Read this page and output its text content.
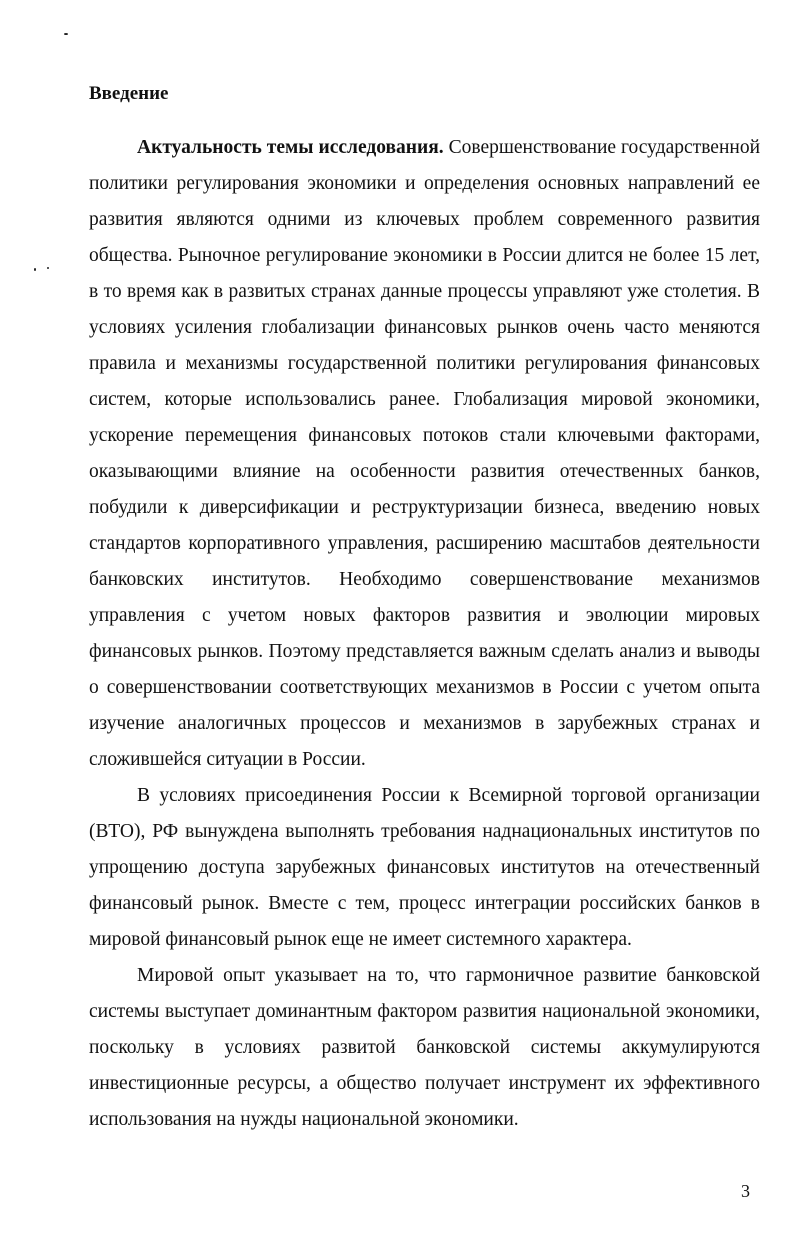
Введение

Актуальность темы исследования. Совершенствование государственной политики регулирования экономики и определения основных направлений ее развития являются одними из ключевых проблем современного развития общества. Рыночное регулирование экономики в России длится не более 15 лет, в то время как в развитых странах данные процессы управляют уже столетия. В условиях усиления глобализации финансовых рынков очень часто меняются правила и механизмы государственной политики регулирования финансовых систем, которые использовались ранее. Глобализация мировой экономики, ускорение перемещения финансовых потоков стали ключевыми факторами, оказывающими влияние на особенности развития отечественных банков, побудили к диверсификации и реструктуризации бизнеса, введению новых стандартов корпоративного управления, расширению масштабов деятельности банковских институтов. Необходимо совершенствование механизмов управления с учетом новых факторов развития и эволюции мировых финансовых рынков. Поэтому представляется важным сделать анализ и выводы о совершенствовании соответствующих механизмов в России с учетом опыта изучение аналогичных процессов и механизмов в зарубежных странах и сложившейся ситуации в России.

В условиях присоединения России к Всемирной торговой организации (ВТО), РФ вынуждена выполнять требования наднациональных институтов по упрощению доступа зарубежных финансовых институтов на отечественный финансовый рынок. Вместе с тем, процесс интеграции российских банков в мировой финансовый рынок еще не имеет системного характера.

Мировой опыт указывает на то, что гармоничное развитие банковской системы выступает доминантным фактором развития национальной экономики, поскольку в условиях развитой банковской системы аккумулируются инвестиционные ресурсы, а общество получает инструмент их эффективного использования на нужды национальной экономики.

3
